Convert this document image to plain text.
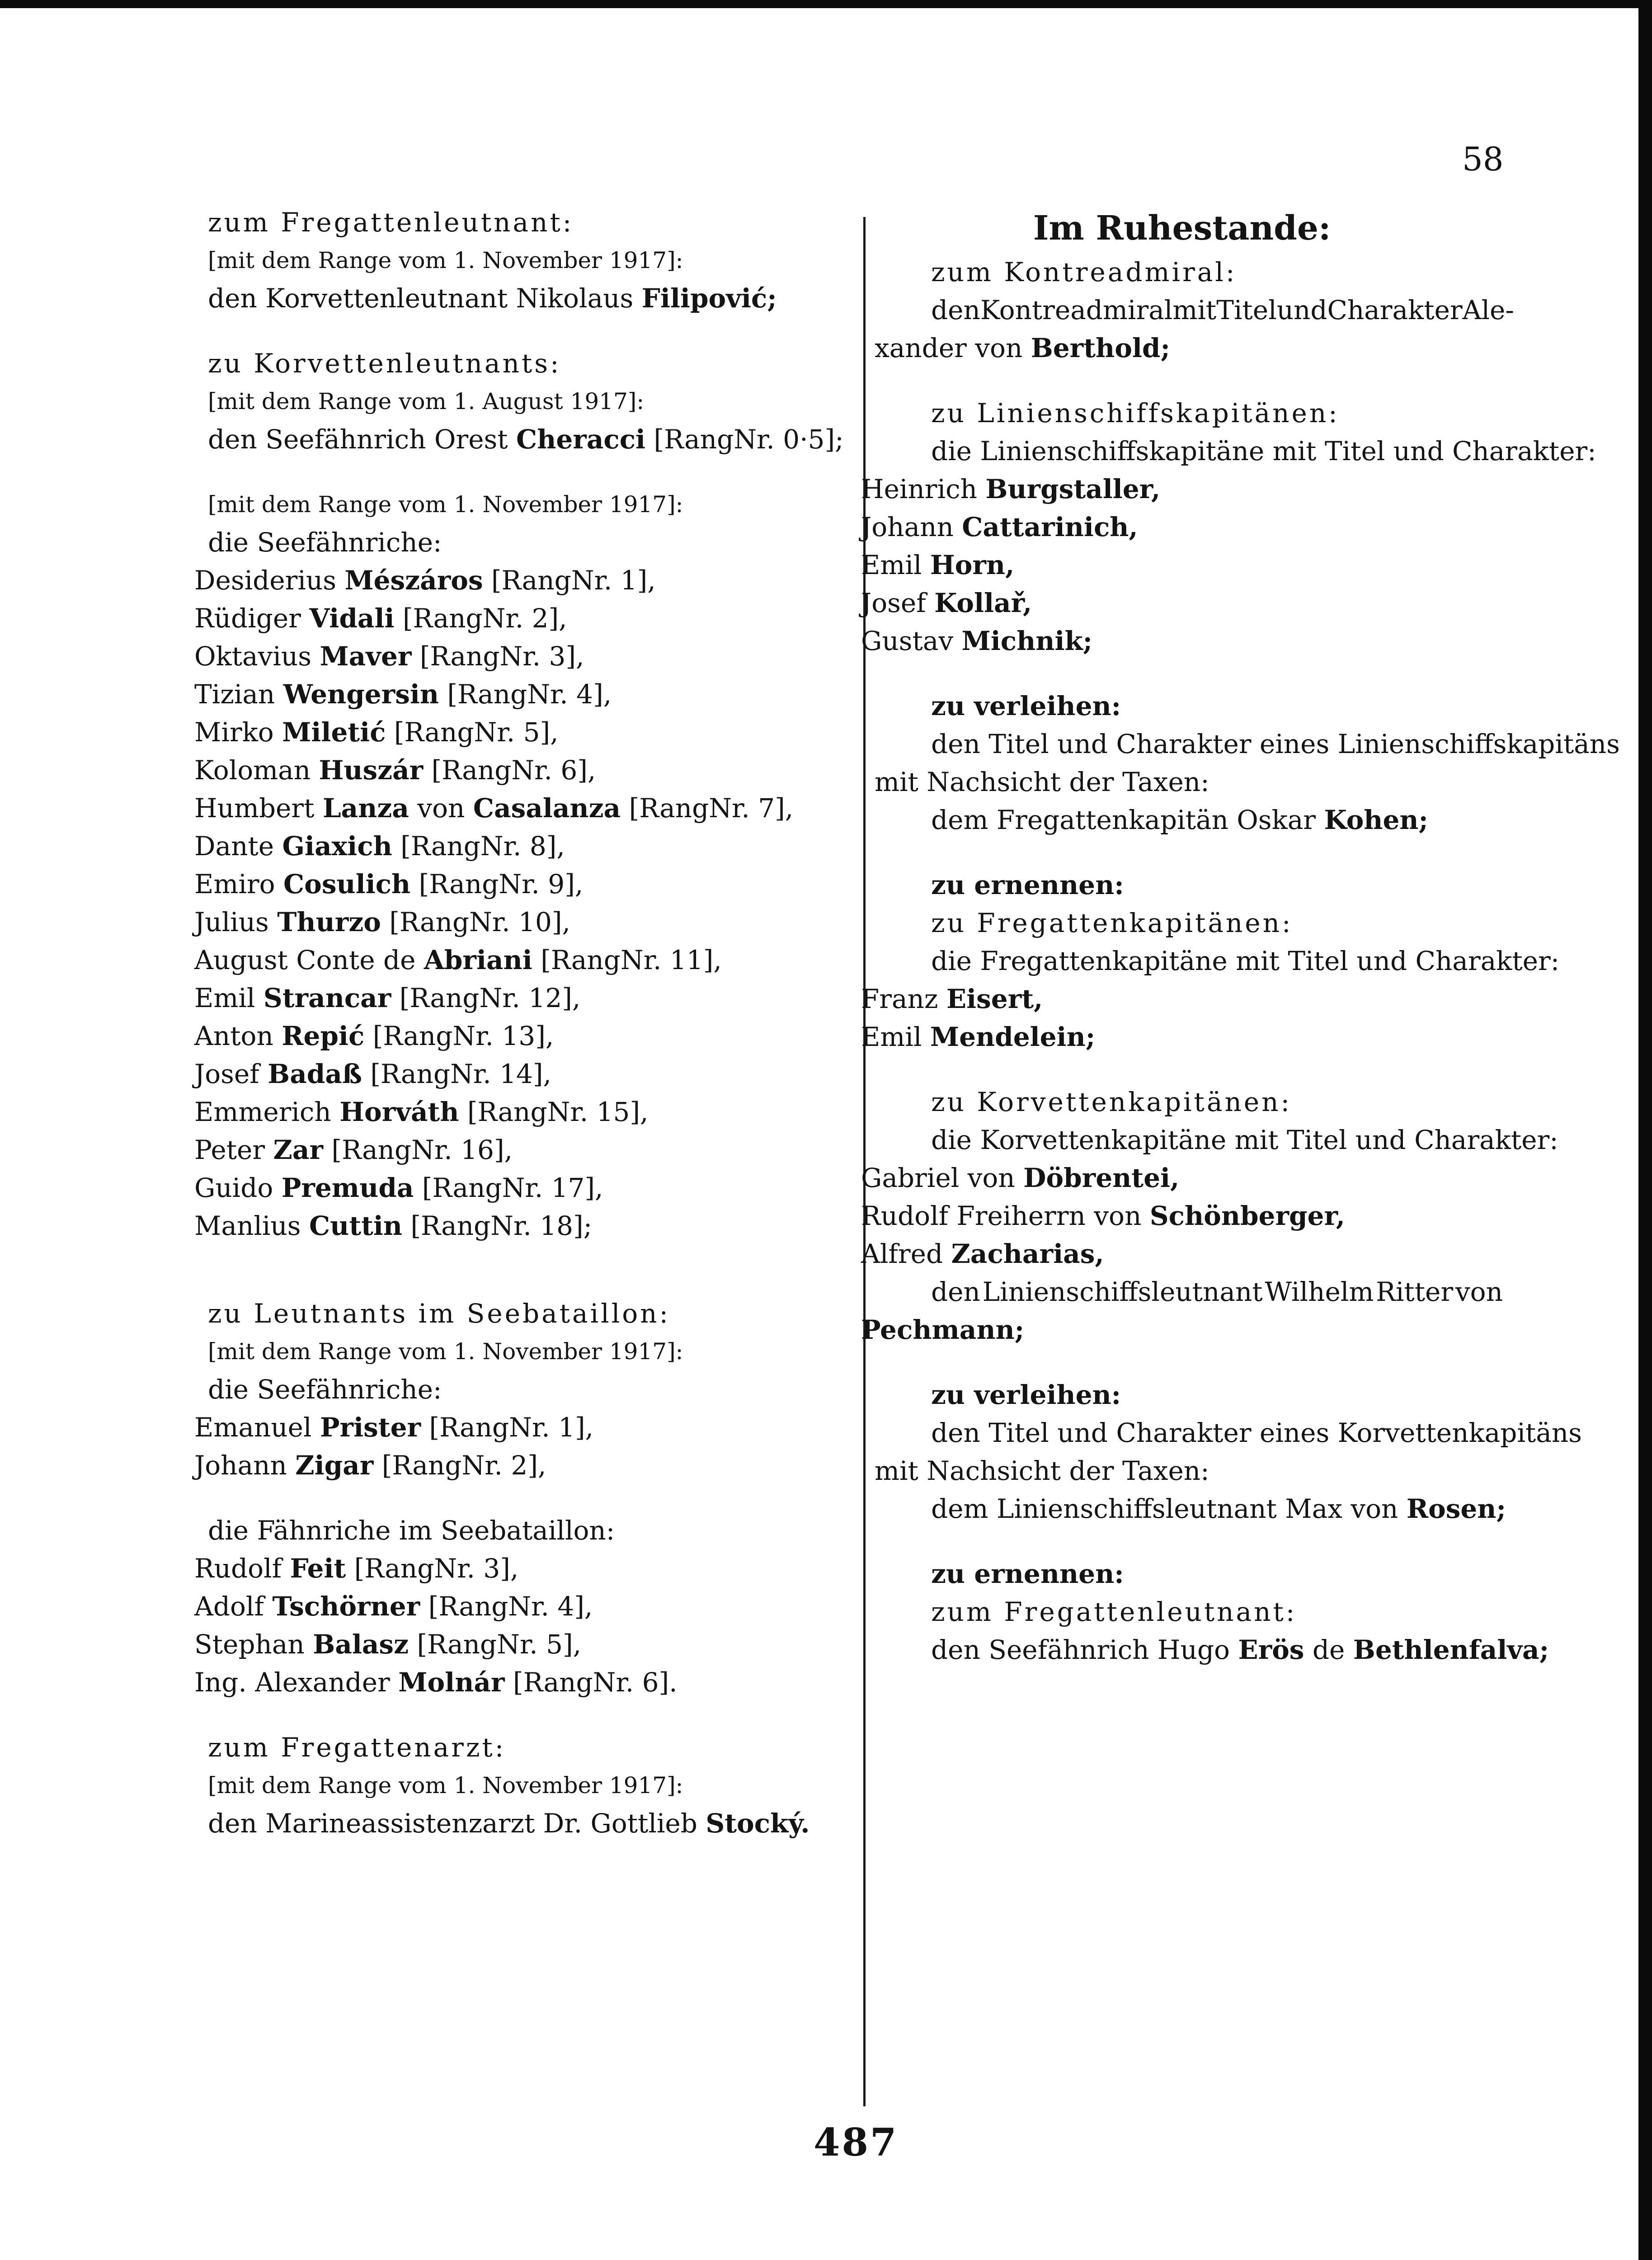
58
zum Fregattenleutnant:
[mit dem Range vom 1. November 1917]:
den Korvettenleutnant Nikolaus Filipović;
zu Korvettenleutnants:
[mit dem Range vom 1. August 1917]:
den Seefähnrich Orest Cheracci [RangNr. 0·5];
[mit dem Range vom 1. November 1917]:
die Seefähnriche:
Desiderius Mészáros [RangNr. 1],
Rüdiger Vidali [RangNr. 2],
Oktavius Maver [RangNr. 3],
Tizian Wengersin [RangNr. 4],
Mirko Miletić [RangNr. 5],
Koloman Huszár [RangNr. 6],
Humbert Lanza von Casalanza [RangNr. 7],
Dante Giaxich [RangNr. 8],
Emiro Cosulich [RangNr. 9],
Julius Thurzo [RangNr. 10],
August Conte de Abriani [RangNr. 11],
Emil Strancar [RangNr. 12],
Anton Repić [RangNr. 13],
Josef Badaß [RangNr. 14],
Emmerich Horváth [RangNr. 15],
Peter Zar [RangNr. 16],
Guido Premuda [RangNr. 17],
Manlius Cuttin [RangNr. 18];
zu Leutnants im Seebataillon:
[mit dem Range vom 1. November 1917]:
die Seefähnriche:
Emanuel Prister [RangNr. 1],
Johann Zigar [RangNr. 2],
die Fähnriche im Seebataillon:
Rudolf Feit [RangNr. 3],
Adolf Tschörner [RangNr. 4],
Stephan Balasz [RangNr. 5],
Ing. Alexander Molnár [RangNr. 6].
zum Fregattenarzt:
[mit dem Range vom 1. November 1917]:
den Marineassistenzarzt Dr. Gottlieb Stocký.
Im Ruhestande:
zum Kontreadmiral:
den Kontreadmiral mit Titel und Charakter Ale-
xander von Berthold;
zu Linienschiffskapitänen:
die Linienschiffskapitäne mit Titel und Charakter:
Heinrich Burgstaller,
Johann Cattarinich,
Emil Horn,
Josef Kollař,
Gustav Michnik;
zu verleihen:
den Titel und Charakter eines Linienschiffskapitäns
mit Nachsicht der Taxen:
dem Fregattenkapitän Oskar Kohen;
zu ernennen:
zu Fregattenkapitänen:
die Fregattenkapitäne mit Titel und Charakter:
Franz Eisert,
Emil Mendelein;
zu Korvettenkapitänen:
die Korvettenkapitäne mit Titel und Charakter:
Gabriel von Döbrentei,
Rudolf Freiherrn von Schönberger,
Alfred Zacharias,
den Linienschiffsleutnant Wilhelm Ritter von
Pechmann;
zu verleihen:
den Titel und Charakter eines Korvettenkapitäns
mit Nachsicht der Taxen:
dem Linienschiffsleutnant Max von Rosen;
zu ernennen:
zum Fregattenleutnant:
den Seefähnrich Hugo Erös de Bethlenfalva;
487
